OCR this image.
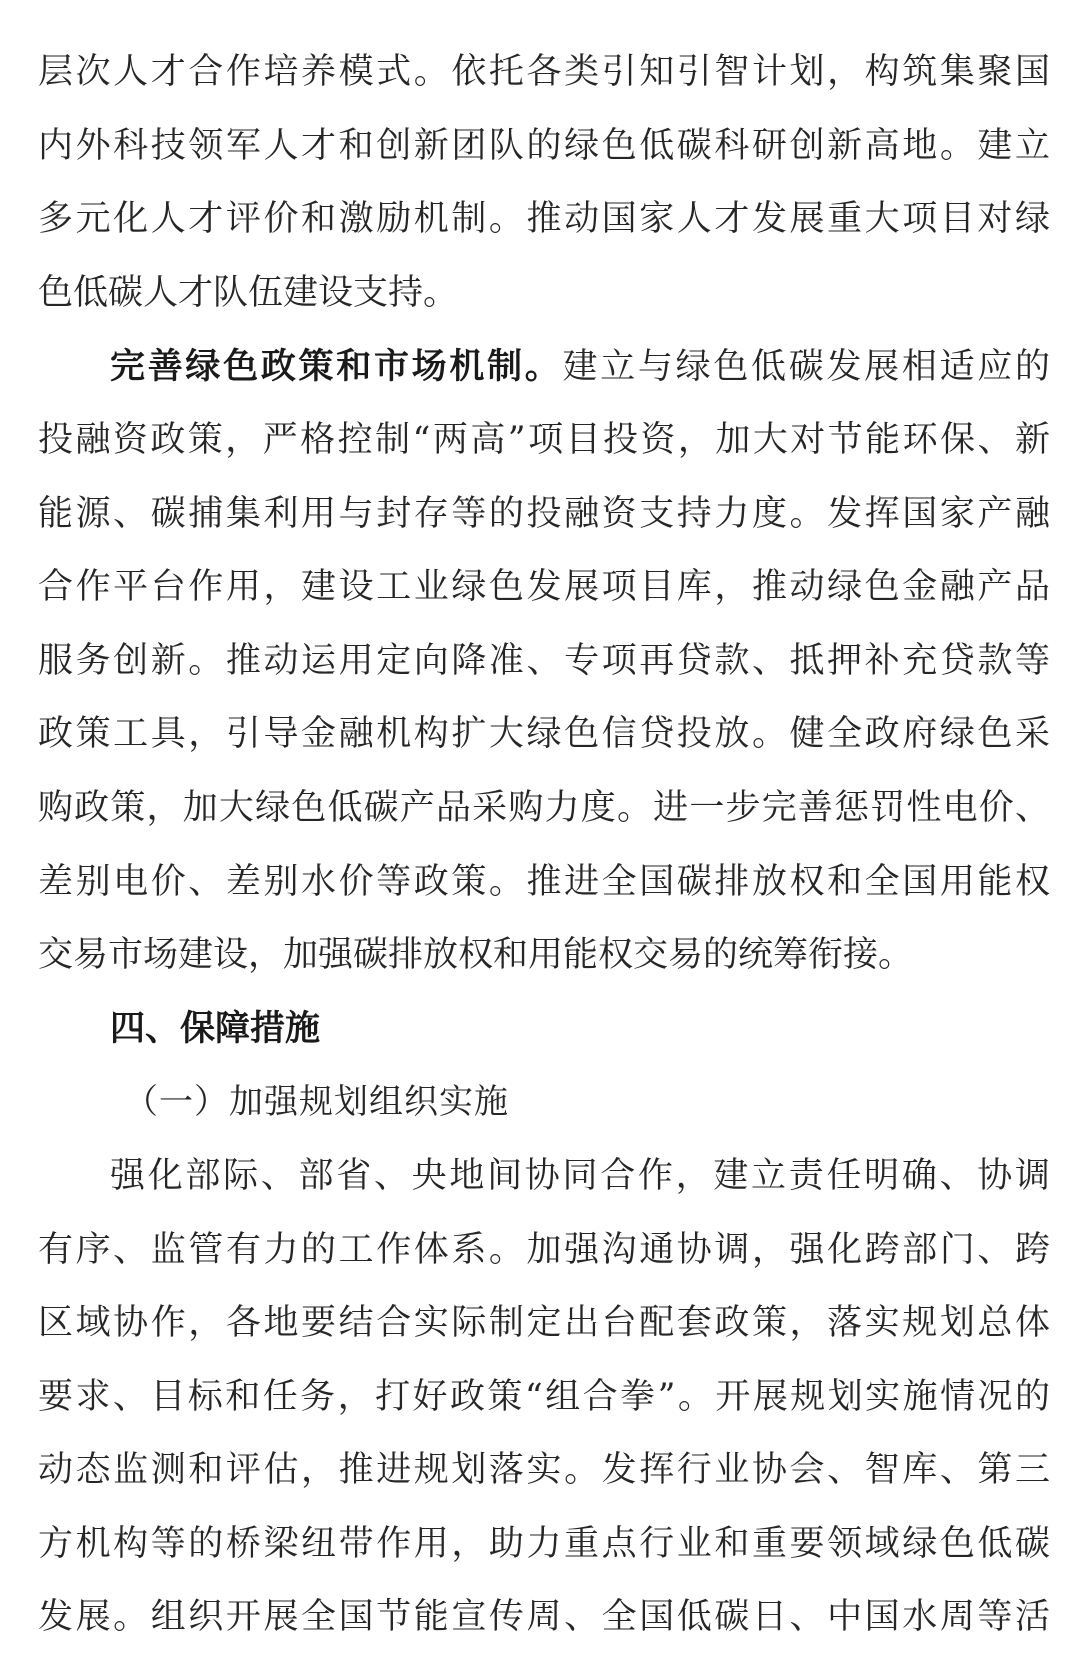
层次人才合作培养模式。依托各类引知引智计划，构筑集聚国
内外科技领军人才和创新团队的绿色低碳科研创新高地。建立
多元化人才评价和激励机制。推动国家人才发展重大项目对绿
色低碳人才队伍建设支持。
完善绿色政策和市场机制。建立与绿色低碳发展相适应的
投融资政策，严格控制“两高”项目投资，加大对节能环保、新
能源、碳捕集利用与封存等的投融资支持力度。发挥国家产融
合作平台作用，建设工业绿色发展项目库，推动绿色金融产品
服务创新。推动运用定向降准、专项再贷款、抵押补充贷款等
政策工具，引导金融机构扩大绿色信贷投放。健全政府绿色采
购政策，加大绿色低碳产品采购力度。进一步完善惩罚性电价、
差别电价、差别水价等政策。推进全国碳排放权和全国用能权
交易市场建设，加强碳排放权和用能权交易的统筹衔接。
四、保障措施
（一）加强规划组织实施
强化部际、部省、央地间协同合作，建立责任明确、协调
有序、监管有力的工作体系。加强沟通协调，强化跨部门、跨
区域协作，各地要结合实际制定出台配套政策，落实规划总体
要求、目标和任务，打好政策“组合拳”。开展规划实施情况的
动态监测和评估，推进规划落实。发挥行业协会、智库、第三
方机构等的桥梁纽带作用，助力重点行业和重要领域绿色低碳
发展。组织开展全国节能宣传周、全国低碳日、中国水周等活
